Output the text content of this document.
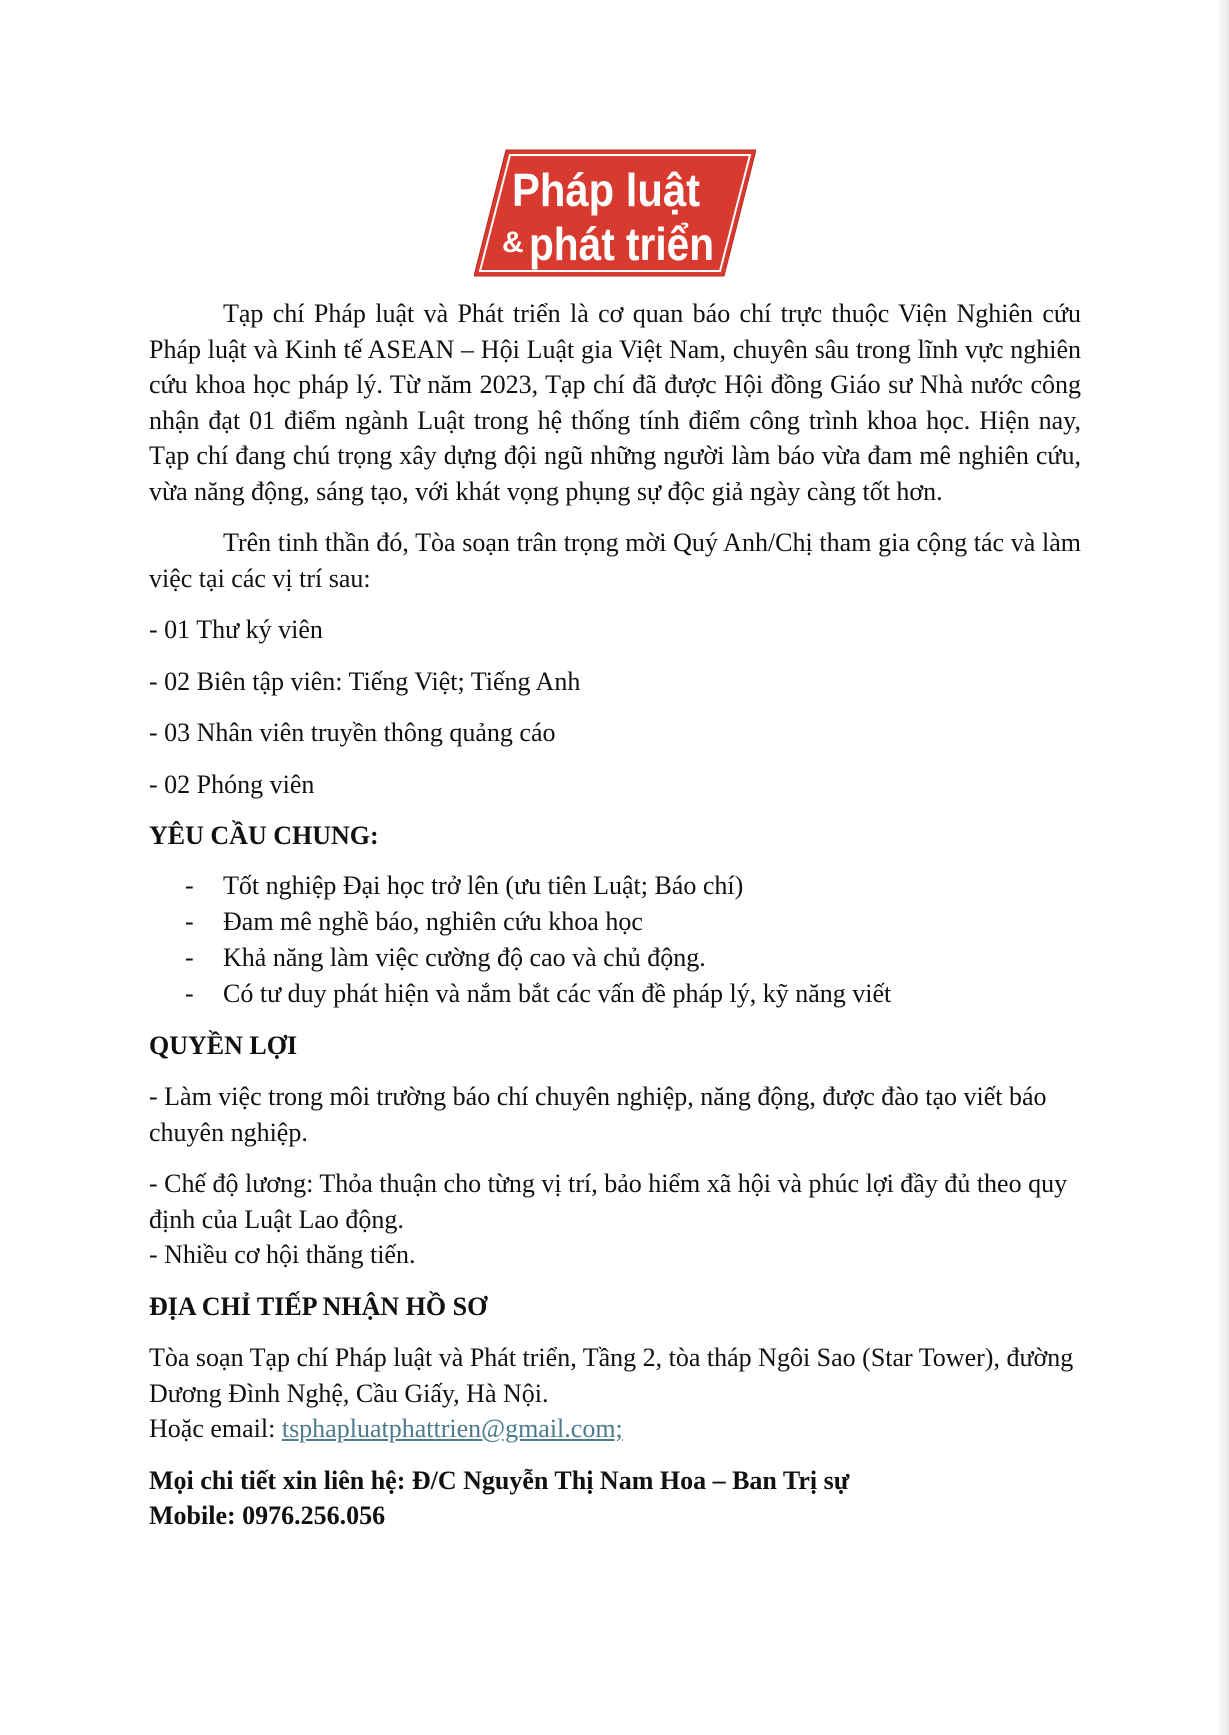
Pháp luật
& phát triển

Tạp chí Pháp luật và Phát triển là cơ quan báo chí trực thuộc Viện Nghiên cứu Pháp luật và Kinh tế ASEAN – Hội Luật gia Việt Nam, chuyên sâu trong lĩnh vực nghiên cứu khoa học pháp lý. Từ năm 2023, Tạp chí đã được Hội đồng Giáo sư Nhà nước công nhận đạt 01 điểm ngành Luật trong hệ thống tính điểm công trình khoa học. Hiện nay, Tạp chí đang chú trọng xây dựng đội ngũ những người làm báo vừa đam mê nghiên cứu, vừa năng động, sáng tạo, với khát vọng phụng sự độc giả ngày càng tốt hơn.

Trên tinh thần đó, Tòa soạn trân trọng mời Quý Anh/Chị tham gia cộng tác và làm việc tại các vị trí sau:

- 01 Thư ký viên

- 02 Biên tập viên: Tiếng Việt; Tiếng Anh

- 03 Nhân viên truyền thông quảng cáo

- 02 Phóng viên

YÊU CẦU CHUNG:

- Tốt nghiệp Đại học trở lên (ưu tiên Luật; Báo chí)
- Đam mê nghề báo, nghiên cứu khoa học
- Khả năng làm việc cường độ cao và chủ động.
- Có tư duy phát hiện và nắm bắt các vấn đề pháp lý, kỹ năng viết

QUYỀN LỢI

- Làm việc trong môi trường báo chí chuyên nghiệp, năng động, được đào tạo viết báo chuyên nghiệp.

- Chế độ lương: Thỏa thuận cho từng vị trí, bảo hiểm xã hội và phúc lợi đầy đủ theo quy định của Luật Lao động.

- Nhiều cơ hội thăng tiến.

ĐỊA CHỈ TIẾP NHẬN HỒ SƠ

Tòa soạn Tạp chí Pháp luật và Phát triển, Tầng 2, tòa tháp Ngôi Sao (Star Tower), đường Dương Đình Nghệ, Cầu Giấy, Hà Nội.

Hoặc email: tsphapluatphattrien@gmail.com;

Mọi chi tiết xin liên hệ: Đ/C Nguyễn Thị Nam Hoa – Ban Trị sự

Mobile: 0976.256.056
